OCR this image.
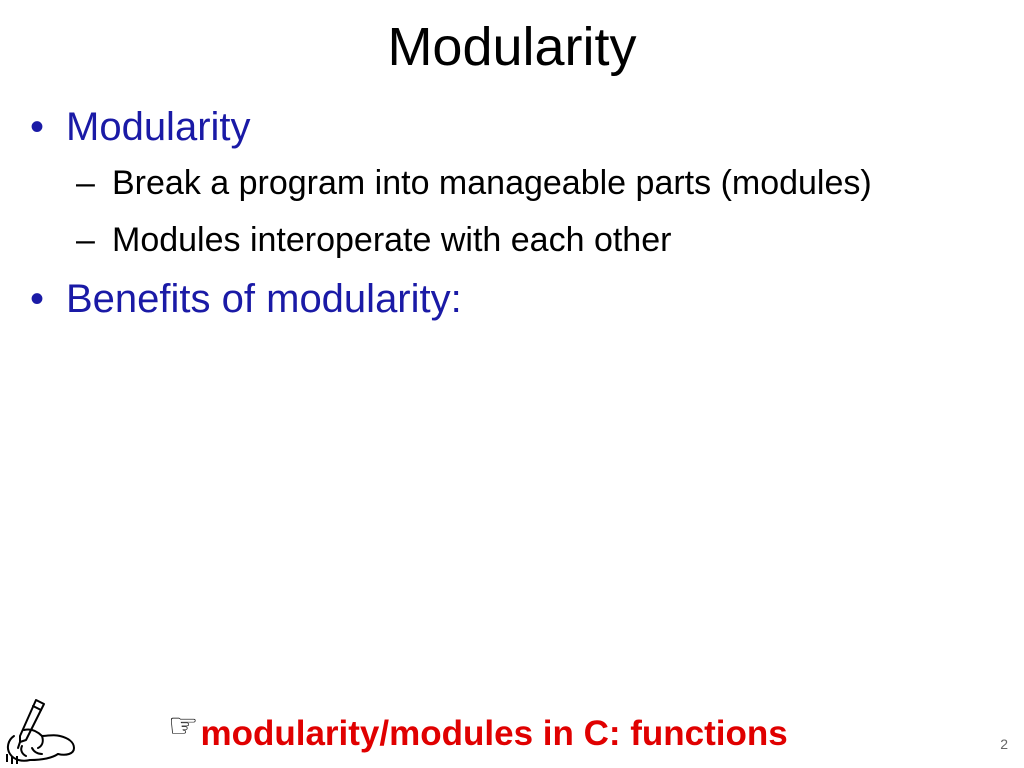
Modularity
• Modularity
– Break a program into manageable parts (modules)
– Modules interoperate with each other
• Benefits of modularity:
☞modularity/modules in C: functions	2
